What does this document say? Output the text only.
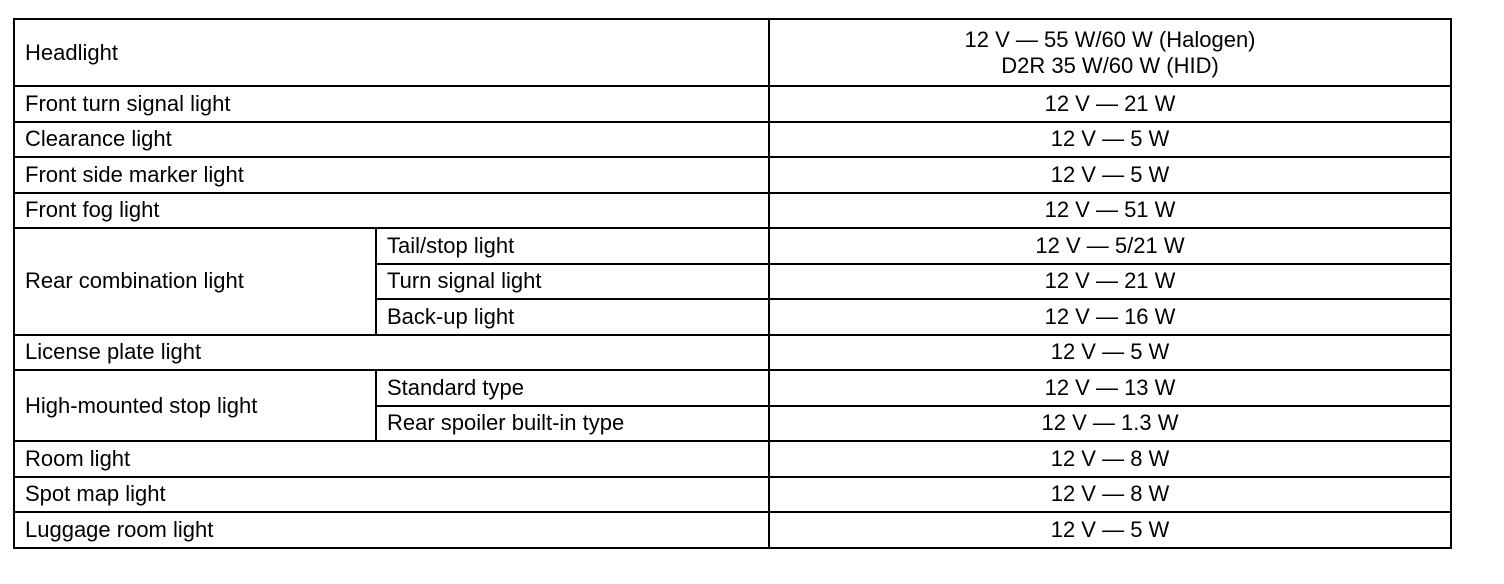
Headlight		12 V — 55 W/60 W (Halogen)
D2R 35 W/60 W (HID)

Front turn signal light		12 V — 21 W
Clearance light		12 V — 5 W
Front side marker light		12 V — 5 W
Front fog light		12 V — 51 W
Rear combination light	Tail/stop light	12 V — 5/21 W
	Turn signal light	12 V — 21 W
	Back-up light	12 V — 16 W
License plate light		12 V — 5 W
High-mounted stop light	Standard type	12 V — 13 W
	Rear spoiler built-in type	12 V — 1.3 W
Room light		12 V — 8 W
Spot map light		12 V — 8 W
Luggage room light		12 V — 5 W
